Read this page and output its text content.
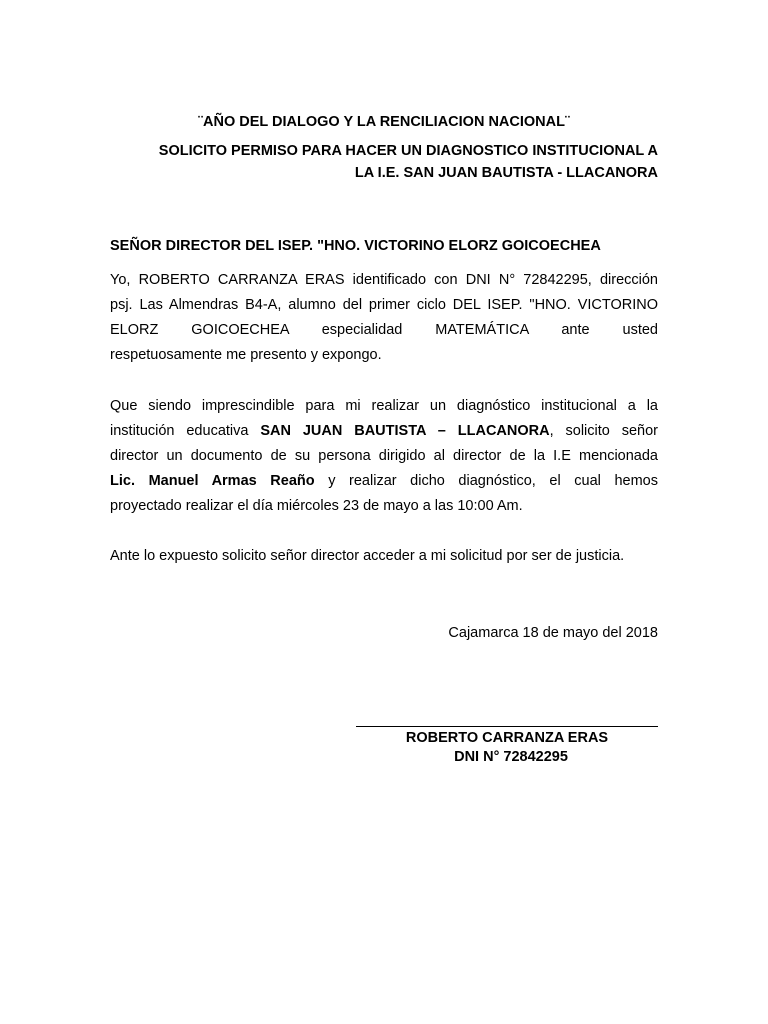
¨AÑO DEL DIALOGO Y LA RENCILIACION NACIONAL¨
SOLICITO PERMISO PARA HACER UN DIAGNOSTICO INSTITUCIONAL A
LA I.E. SAN JUAN BAUTISTA - LLACANORA
SEÑOR DIRECTOR DEL ISEP. "HNO. VICTORINO ELORZ GOICOECHEA
Yo, ROBERTO CARRANZA ERAS identificado con DNI N° 72842295, dirección
psj. Las Almendras B4-A, alumno del primer ciclo DEL ISEP. "HNO. VICTORINO
ELORZ GOICOECHEA especialidad MATEMÁTICA ante usted
respetuosamente me presento y expongo.
Que siendo imprescindible para mi realizar un diagnóstico institucional a la
institución educativa SAN JUAN BAUTISTA – LLACANORA, solicito señor
director un documento de su persona dirigido al director de la I.E mencionada
Lic. Manuel Armas Reaño y realizar dicho diagnóstico, el cual hemos
proyectado realizar el día miércoles 23 de mayo a las 10:00 Am.
Ante lo expuesto solicito señor director acceder a mi solicitud por ser de justicia.
Cajamarca 18 de mayo del 2018
ROBERTO CARRANZA ERAS
DNI N° 72842295
